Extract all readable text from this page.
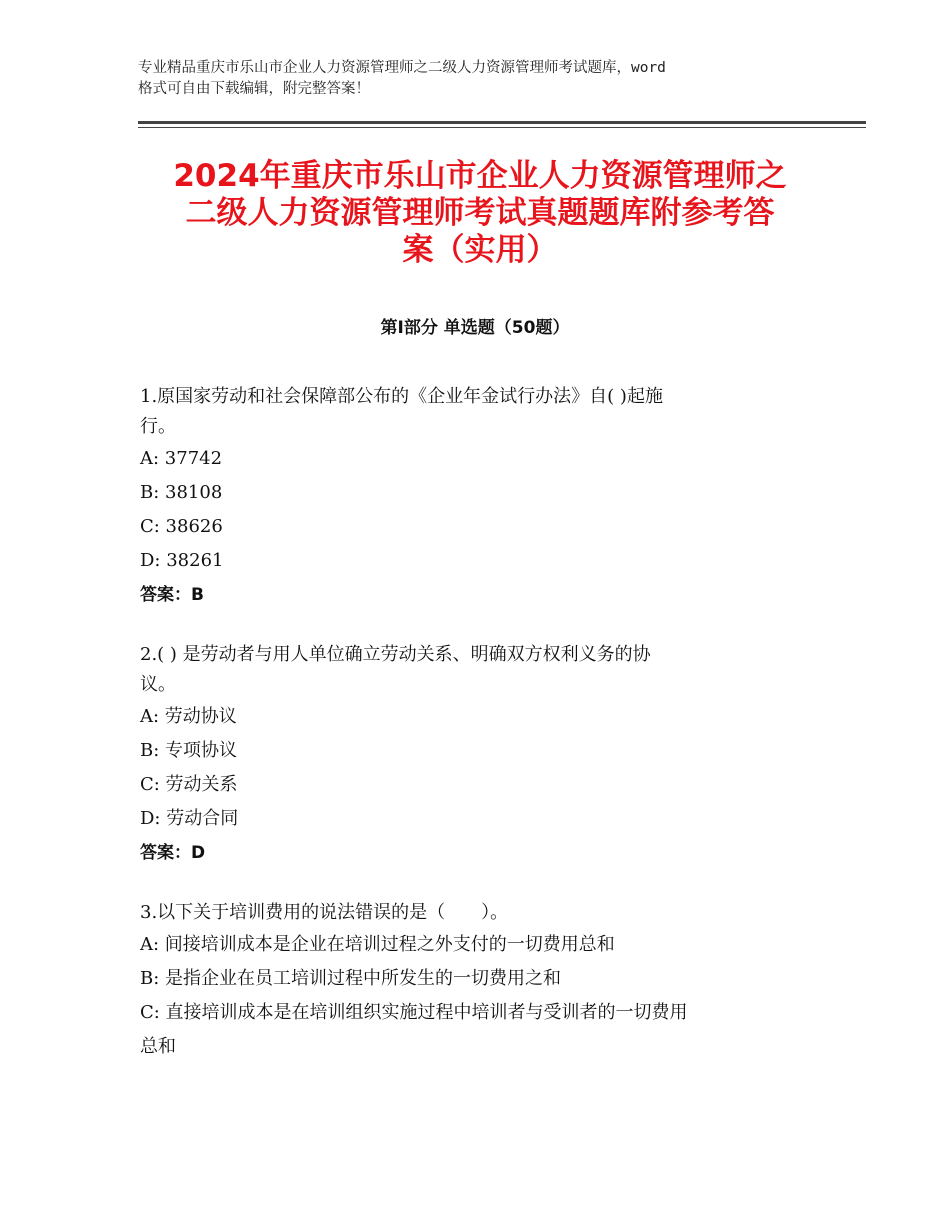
专业精品重庆市乐山市企业人力资源管理师之二级人力资源管理师考试题库，word
格式可自由下载编辑，附完整答案！
2024年重庆市乐山市企业人力资源管理师之
二级人力资源管理师考试真题题库附参考答
案（实用）
第Ⅰ部分 单选题（50题）
1.原国家劳动和社会保障部公布的《企业年金试行办法》自( )起施
行。
A: 37742
B: 38108
C: 38626
D: 38261
答案：B
2.( ) 是劳动者与用人单位确立劳动关系、明确双方权利义务的协
议。
A: 劳动协议
B: 专项协议
C: 劳动关系
D: 劳动合同
答案：D
3.以下关于培训费用的说法错误的是（　　）。
A: 间接培训成本是企业在培训过程之外支付的一切费用总和
B: 是指企业在员工培训过程中所发生的一切费用之和
C: 直接培训成本是在培训组织实施过程中培训者与受训者的一切费用
总和
